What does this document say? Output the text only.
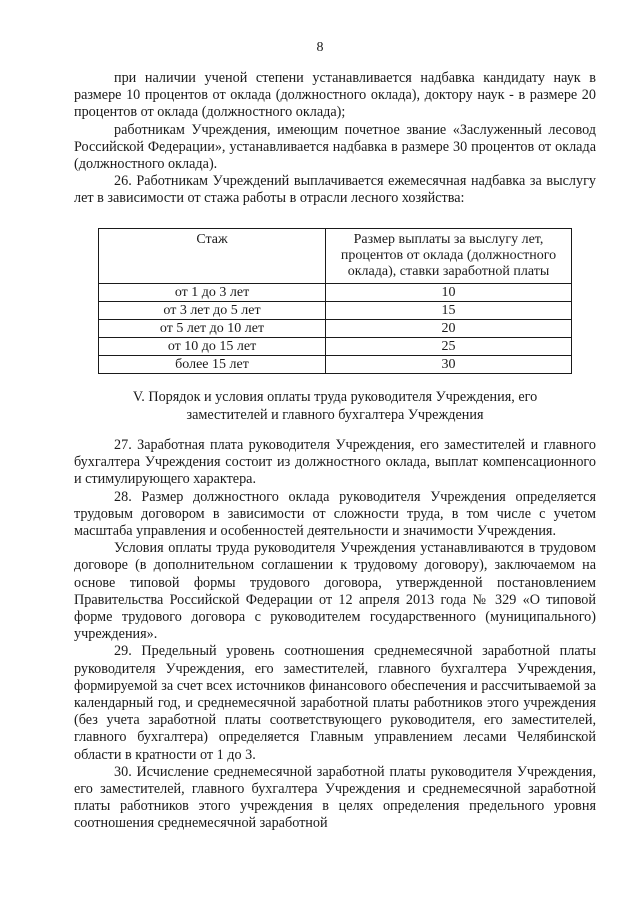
8

при наличии ученой степени устанавливается надбавка кандидату наук в размере 10 процентов от оклада (должностного оклада), доктору наук - в размере 20 процентов от оклада (должностного оклада);

работникам Учреждения, имеющим почетное звание «Заслуженный лесовод Российской Федерации», устанавливается надбавка в размере 30 процентов от оклада (должностного оклада).

26. Работникам Учреждений выплачивается ежемесячная надбавка за выслугу лет в зависимости от стажа работы в отрасли лесного хозяйства:

Стаж	Размер выплаты за выслугу лет, процентов от оклада (должностного оклада), ставки заработной платы
от 1 до 3 лет	10
от 3 лет до 5 лет	15
от 5 лет до 10 лет	20
от 10 до 15 лет	25
более 15 лет	30
V. Порядок и условия оплаты труда руководителя Учреждения, его
заместителей и главного бухгалтера Учреждения

27. Заработная плата руководителя Учреждения, его заместителей и главного бухгалтера Учреждения состоит из должностного оклада, выплат компенсационного и стимулирующего характера.

28. Размер должностного оклада руководителя Учреждения определяется трудовым договором в зависимости от сложности труда, в том числе с учетом масштаба управления и особенностей деятельности и значимости Учреждения.

Условия оплаты труда руководителя Учреждения устанавливаются в трудовом договоре (в дополнительном соглашении к трудовому договору), заключаемом на основе типовой формы трудового договора, утвержденной постановлением Правительства Российской Федерации от 12 апреля 2013 года № 329 «О типовой форме трудового договора с руководителем государственного (муниципального) учреждения».

29. Предельный уровень соотношения среднемесячной заработной платы руководителя Учреждения, его заместителей, главного бухгалтера Учреждения, формируемой за счет всех источников финансового обеспечения и рассчитываемой за календарный год, и среднемесячной заработной платы работников этого учреждения (без учета заработной платы соответствующего руководителя, его заместителей, главного бухгалтера) определяется Главным управлением лесами Челябинской области в кратности от 1 до 3.

30. Исчисление среднемесячной заработной платы руководителя Учреждения, его заместителей, главного бухгалтера Учреждения и среднемесячной заработной платы работников этого учреждения в целях определения предельного уровня соотношения среднемесячной заработной
